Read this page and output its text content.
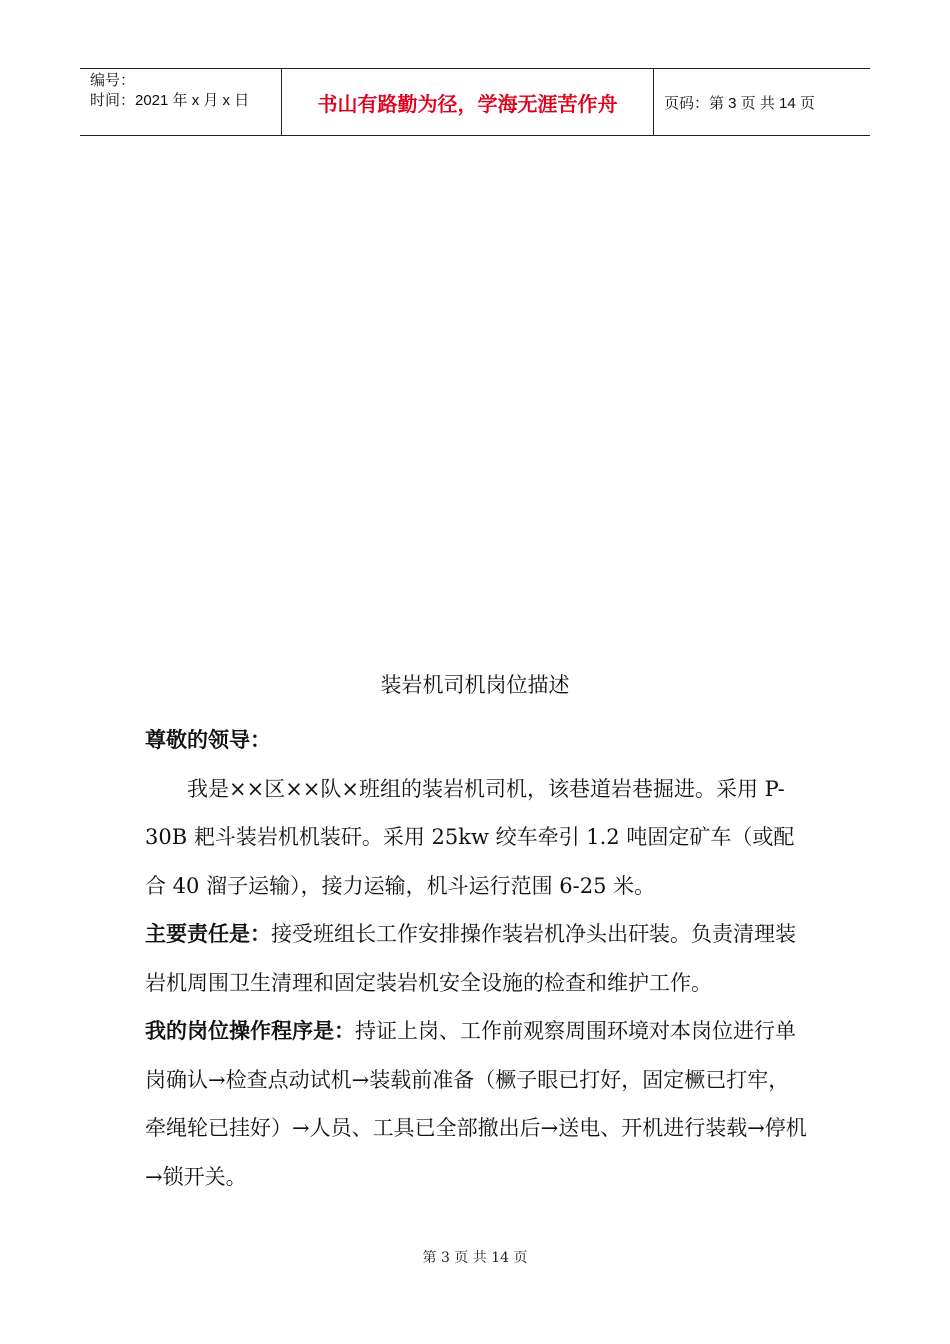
编号：
时间：2021 年 x 月 x 日	书山有路勤为径，学海无涯苦作舟	页码：第 3 页 共 14 页
装岩机司机岗位描述

尊敬的领导：

我是××区××队×班组的装岩机司机，该巷道岩巷掘进。采用 P-30B 耙斗装岩机机装矸。采用 25kw 绞车牵引 1.2 吨固定矿车（或配合 40 溜子运输），接力运输，机斗运行范围 6-25 米。

主要责任是：接受班组长工作安排操作装岩机净头出矸装。负责清理装岩机周围卫生清理和固定装岩机安全设施的检查和维护工作。

我的岗位操作程序是：持证上岗、工作前观察周围环境对本岗位进行单岗确认→检查点动试机→装载前准备（橛子眼已打好，固定橛已打牢，牵绳轮已挂好）→人员、工具已全部撤出后→送电、开机进行装载→停机→锁开关。

第 3 页 共 14 页
